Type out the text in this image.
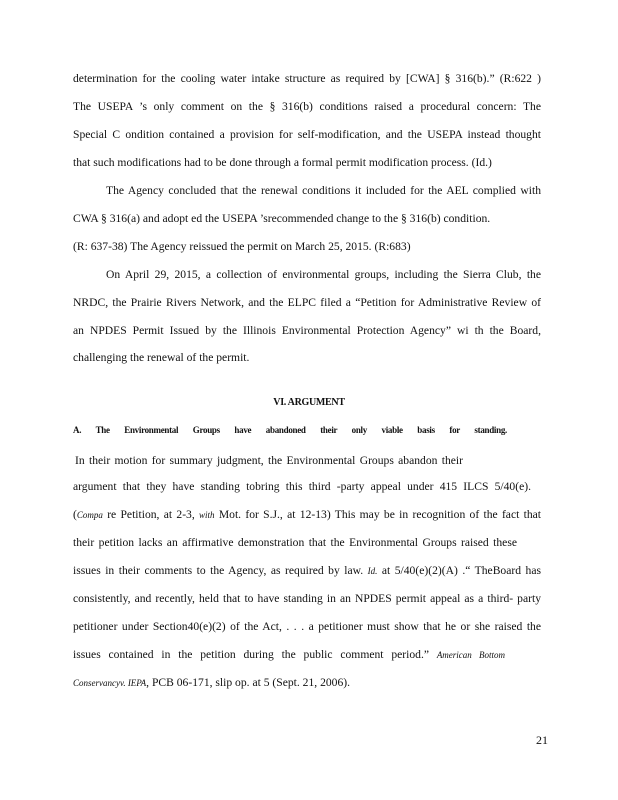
determination for the cooling water intake structure as required by [CWA] § 316(b).” (R:622 )
The USEPA ’s only comment on the § 316(b) conditions raised a procedural concern: The
Special C ondition contained a provision for self-modification, and the USEPA instead thought
that such modifications had to be done through a formal permit modification process. (Id.)
The Agency concluded that the renewal conditions it included for the AEL complied with
CWA § 316(a) and adopt ed the USEPA ’srecommended change to the § 316(b) condition.
(R: 637-38) The Agency reissued the permit on March 25, 2015. (R:683)
On April 29, 2015, a collection of environmental groups, including the Sierra Club, the
NRDC, the Prairie Rivers Network, and the ELPC filed a “Petition for Administrative Review of
an NPDES Permit Issued by the Illinois Environmental Protection Agency” wi th the Board,
challenging the renewal of the permit.
VI. ARGUMENT
A. The Environmental Groups have abandoned their only viable basis for standing.
In their motion for summary judgment, the Environmental Groups abandon their
argument that they have standing tobring this third -party appeal under 415 ILCS 5/40(e).
(Compa re Petition, at 2-3, with Mot. for S.J., at 12-13) This may be in recognition of the fact that
their petition lacks an affirmative demonstration that the Environmental Groups raised these
issues in their comments to the Agency, as required by law. Id. at 5/40(e)(2)(A) .“ TheBoard has
consistently, and recently, held that to have standing in an NPDES permit appeal as a third- party
petitioner under Section40(e)(2) of the Act, . . . a petitioner must show that he or she raised the
issues contained in the petition during the public comment period.” American Bottom
Conservancyv. IEPA, PCB 06-171, slip op. at 5 (Sept. 21, 2006).
21
